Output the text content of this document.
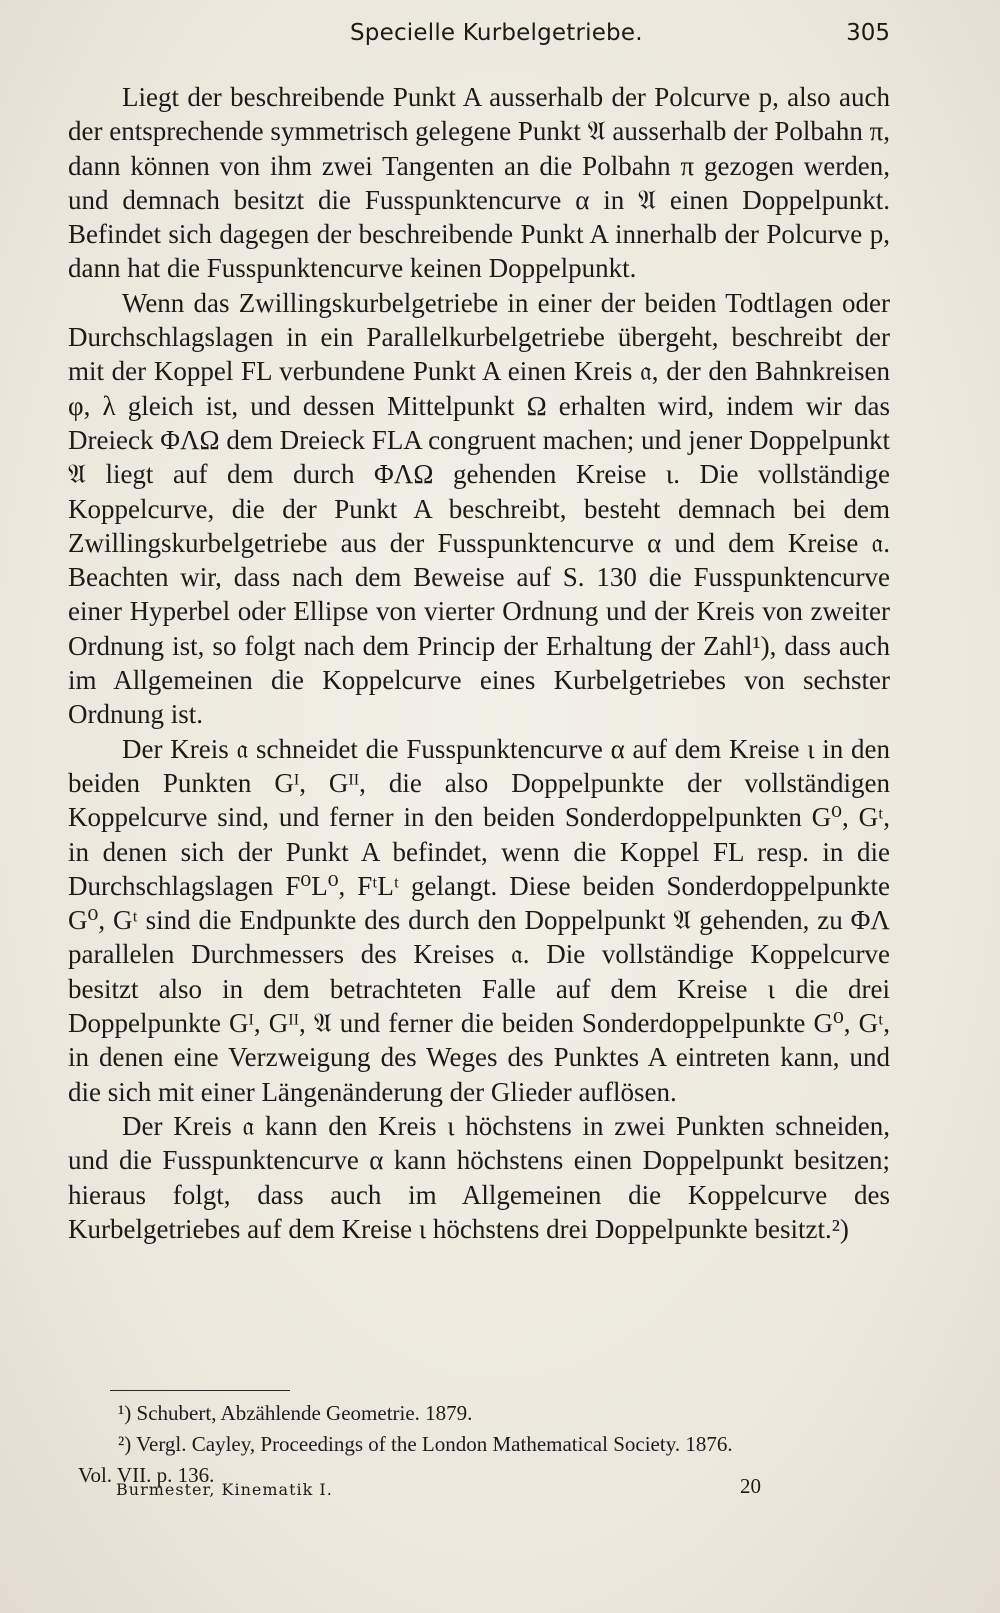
Specielle Kurbelgetriebe.	305

Liegt der beschreibende Punkt A ausserhalb der Polcurve p, also auch der entsprechende symmetrisch gelegene Punkt 𝔄 ausserhalb der Polbahn π, dann können von ihm zwei Tangenten an die Polbahn π gezogen werden, und demnach besitzt die Fusspunktencurve α in 𝔄 einen Doppelpunkt. Befindet sich dagegen der beschreibende Punkt A innerhalb der Polcurve p, dann hat die Fusspunktencurve keinen Doppelpunkt.

Wenn das Zwillingskurbelgetriebe in einer der beiden Todtlagen oder Durchschlagslagen in ein Parallelkurbelgetriebe übergeht, beschreibt der mit der Koppel FL verbundene Punkt A einen Kreis 𝔞, der den Bahnkreisen φ, λ gleich ist, und dessen Mittelpunkt Ω erhalten wird, indem wir das Dreieck ΦΛΩ dem Dreieck FLA congruent machen; und jener Doppelpunkt 𝔄 liegt auf dem durch ΦΛΩ gehenden Kreise ι. Die vollständige Koppelcurve, die der Punkt A beschreibt, besteht demnach bei dem Zwillingskurbelgetriebe aus der Fusspunktencurve α und dem Kreise 𝔞. Beachten wir, dass nach dem Beweise auf S. 130 die Fusspunktencurve einer Hyperbel oder Ellipse von vierter Ordnung und der Kreis von zweiter Ordnung ist, so folgt nach dem Princip der Erhaltung der Zahl¹), dass auch im Allgemeinen die Koppelcurve eines Kurbelgetriebes von sechster Ordnung ist.

Der Kreis 𝔞 schneidet die Fusspunktencurve α auf dem Kreise ι in den beiden Punkten Gᴵ, Gᴵᴵ, die also Doppelpunkte der vollständigen Koppelcurve sind, und ferner in den beiden Sonderdoppelpunkten G⁰, Gᵗ, in denen sich der Punkt A befindet, wenn die Koppel FL resp. in die Durchschlagslagen F⁰L⁰, FᵗLᵗ gelangt. Diese beiden Sonderdoppelpunkte G⁰, Gᵗ sind die Endpunkte des durch den Doppelpunkt 𝔄 gehenden, zu ΦΛ parallelen Durchmessers des Kreises 𝔞. Die vollständige Koppelcurve besitzt also in dem betrachteten Falle auf dem Kreise ι die drei Doppelpunkte Gᴵ, Gᴵᴵ, 𝔄 und ferner die beiden Sonderdoppelpunkte G⁰, Gᵗ, in denen eine Verzweigung des Weges des Punktes A eintreten kann, und die sich mit einer Längenänderung der Glieder auflösen.

Der Kreis 𝔞 kann den Kreis ι höchstens in zwei Punkten schneiden, und die Fusspunktencurve α kann höchstens einen Doppelpunkt besitzen; hieraus folgt, dass auch im Allgemeinen die Koppelcurve des Kurbelgetriebes auf dem Kreise ι höchstens drei Doppelpunkte besitzt.²)

¹) Schubert, Abzählende Geometrie. 1879.

²) Vergl. Cayley, Proceedings of the London Mathematical Society. 1876.

Vol. VII. p. 136.

Burmester, Kinematik I.	20
